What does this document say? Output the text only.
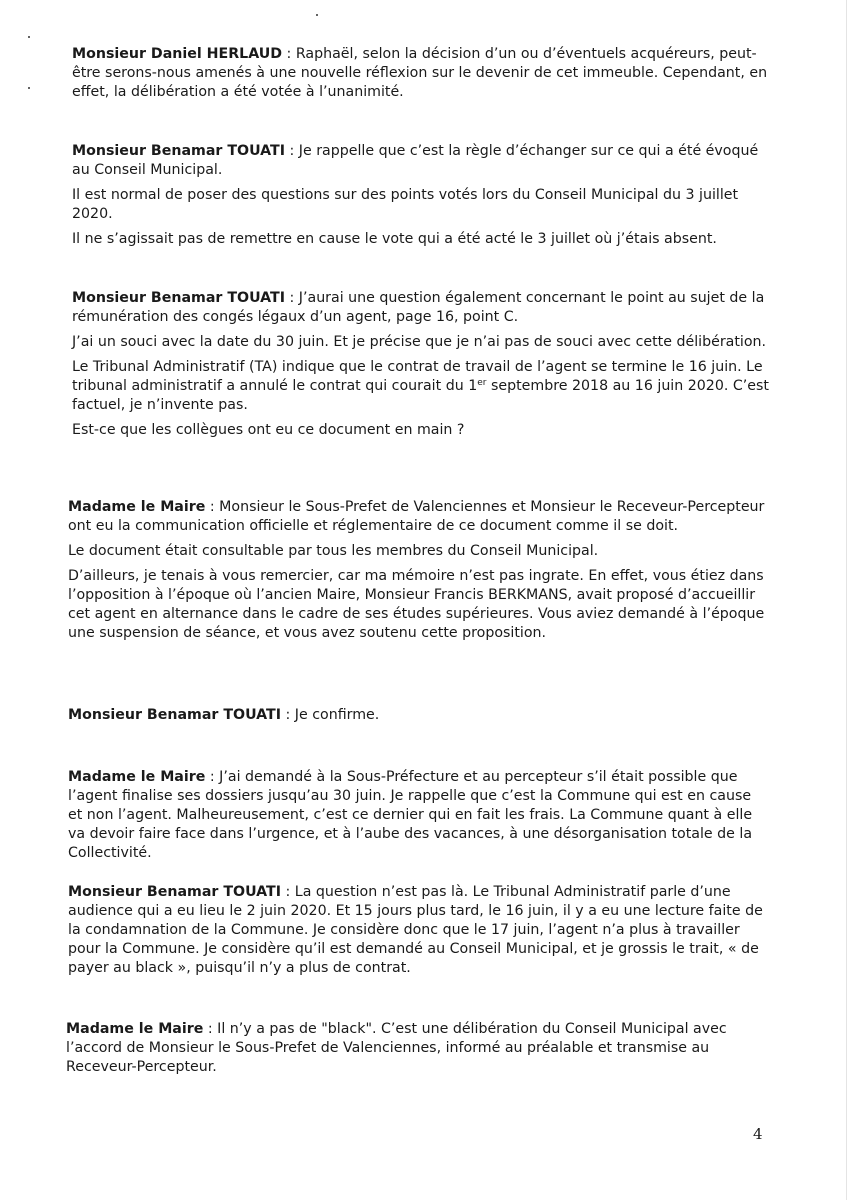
Monsieur Daniel HERLAUD : Raphaël, selon la décision d’un ou d’éventuels acquéreurs, peut-être serons-nous amenés à une nouvelle réflexion sur le devenir de cet immeuble. Cependant, en effet, la délibération a été votée à l’unanimité.

Monsieur Benamar TOUATI : Je rappelle que c’est la règle d’échanger sur ce qui a été évoqué au Conseil Municipal.

Il est normal de poser des questions sur des points votés lors du Conseil Municipal du 3 juillet 2020.

Il ne s’agissait pas de remettre en cause le vote qui a été acté le 3 juillet où j’étais absent.

Monsieur Benamar TOUATI : J’aurai une question également concernant le point au sujet de la rémunération des congés légaux d’un agent, page 16, point C.

J’ai un souci avec la date du 30 juin. Et je précise que je n’ai pas de souci avec cette délibération.

Le Tribunal Administratif (TA) indique que le contrat de travail de l’agent se termine le 16 juin. Le tribunal administratif a annulé le contrat qui courait du 1er septembre 2018 au 16 juin 2020. C’est factuel, je n’invente pas.

Est-ce que les collègues ont eu ce document en main ?

Madame le Maire : Monsieur le Sous-Prefet de Valenciennes et Monsieur le Receveur-Percepteur ont eu la communication officielle et réglementaire de ce document comme il se doit.

Le document était consultable par tous les membres du Conseil Municipal.

D’ailleurs, je tenais à vous remercier, car ma mémoire n’est pas ingrate. En effet, vous étiez dans l’opposition à l’époque où l’ancien Maire, Monsieur Francis BERKMANS, avait proposé d’accueillir cet agent en alternance dans le cadre de ses études supérieures. Vous aviez demandé à l’époque une suspension de séance, et vous avez soutenu cette proposition.

Monsieur Benamar TOUATI : Je confirme.

Madame le Maire : J’ai demandé à la Sous-Préfecture et au percepteur s’il était possible que l’agent finalise ses dossiers jusqu’au 30 juin. Je rappelle que c’est la Commune qui est en cause et non l’agent. Malheureusement, c’est ce dernier qui en fait les frais. La Commune quant à elle va devoir faire face dans l’urgence, et à l’aube des vacances, à une désorganisation totale de la Collectivité.

Monsieur Benamar TOUATI : La question n’est pas là. Le Tribunal Administratif parle d’une audience qui a eu lieu le 2 juin 2020. Et 15 jours plus tard, le 16 juin, il y a eu une lecture faite de la condamnation de la Commune. Je considère donc que le 17 juin, l’agent n’a plus à travailler pour la Commune. Je considère qu’il est demandé au Conseil Municipal, et je grossis le trait, « de payer au black », puisqu’il n’y a plus de contrat.

Madame le Maire : Il n’y a pas de "black". C’est une délibération du Conseil Municipal avec l’accord de Monsieur le Sous-Prefet de Valenciennes, informé au préalable et transmise au Receveur-Percepteur.

4
